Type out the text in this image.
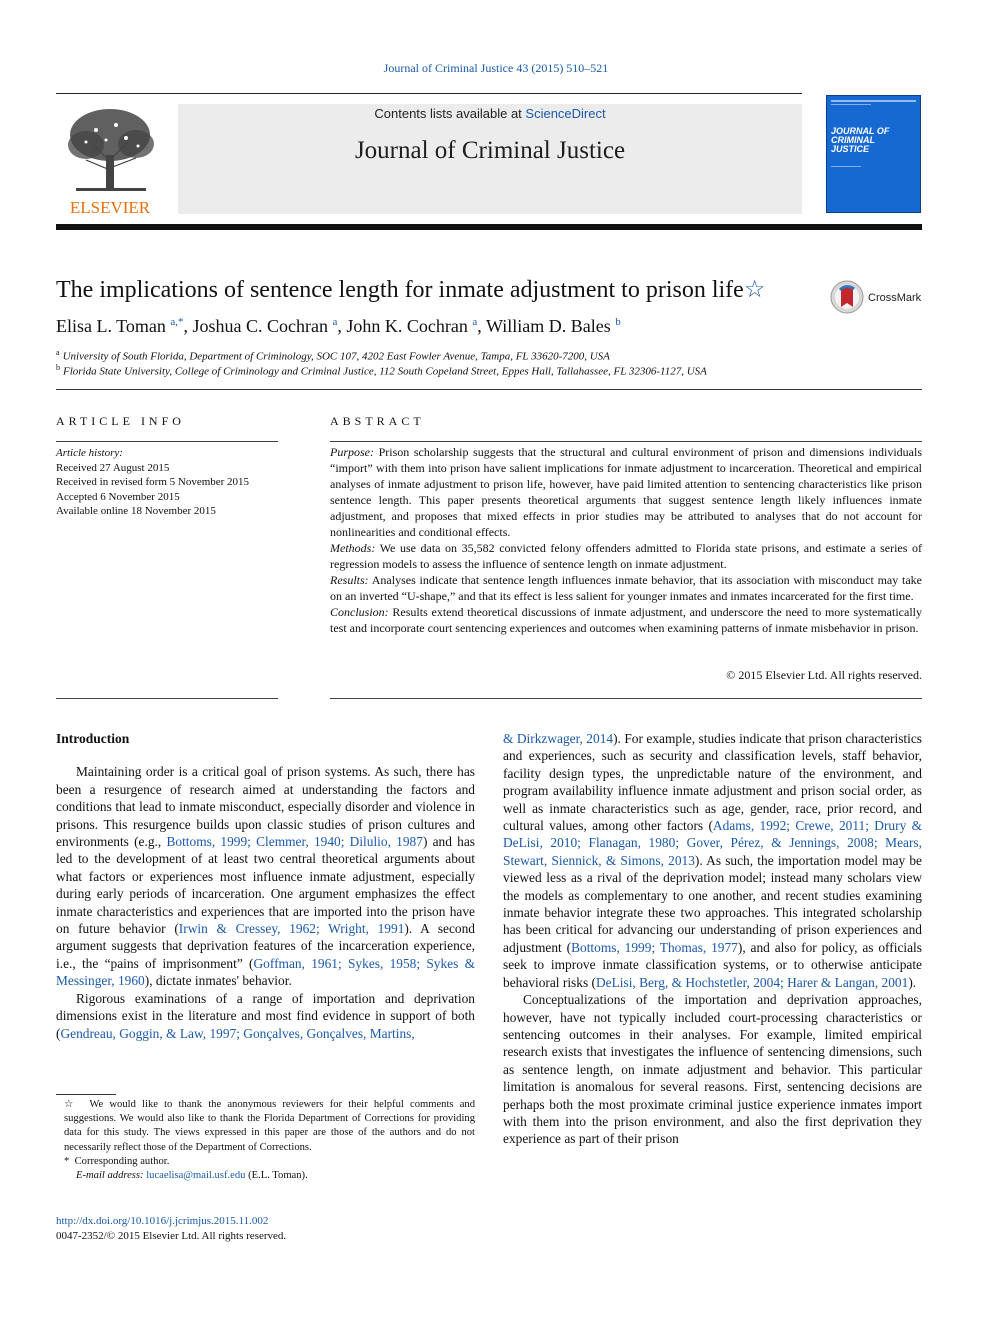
Journal of Criminal Justice 43 (2015) 510–521
ELSEVIER
Contents lists available at ScienceDirect
Journal of Criminal Justice
JOURNAL OF CRIMINAL JUSTICE
The implications of sentence length for inmate adjustment to prison life☆	CrossMark
Elisa L. Toman $^{a,*}$, Joshua C. Cochran $^a$, John K. Cochran $^a$, William D. Bales $^b$
$^a$ University of South Florida, Department of Criminology, SOC 107, 4202 East Fowler Avenue, Tampa, FL 33620-7200, USA
$^b$ Florida State University, College of Criminology and Criminal Justice, 112 South Copeland Street, Eppes Hall, Tallahassee, FL 32306-1127, USA
ARTICLE INFO
Article history:
Received 27 August 2015
Received in revised form 5 November 2015
Accepted 6 November 2015
Available online 18 November 2015
ABSTRACT

Purpose: Prison scholarship suggests that the structural and cultural environment of prison and dimensions individuals “import” with them into prison have salient implications for inmate adjustment to incarceration. Theoretical and empirical analyses of inmate adjustment to prison life, however, have paid limited attention to sentencing characteristics like prison sentence length. This paper presents theoretical arguments that suggest sentence length likely influences inmate adjustment, and proposes that mixed effects in prior studies may be attributed to analyses that do not account for nonlinearities and conditional effects.

Methods: We use data on 35,582 convicted felony offenders admitted to Florida state prisons, and estimate a series of regression models to assess the influence of sentence length on inmate adjustment.

Results: Analyses indicate that sentence length influences inmate behavior, that its association with misconduct may take on an inverted “U-shape,” and that its effect is less salient for younger inmates and inmates incarcerated for the first time.

Conclusion: Results extend theoretical discussions of inmate adjustment, and underscore the need to more systematically test and incorporate court sentencing experiences and outcomes when examining patterns of inmate misbehavior in prison.

© 2015 Elsevier Ltd. All rights reserved.

Introduction

Maintaining order is a critical goal of prison systems. As such, there has been a resurgence of research aimed at understanding the factors and conditions that lead to inmate misconduct, especially disorder and violence in prisons. This resurgence builds upon classic studies of prison cultures and environments (e.g., Bottoms, 1999; Clemmer, 1940; Dilulio, 1987) and has led to the development of at least two central theoretical arguments about what factors or experiences most influence inmate adjustment, especially during early periods of incarceration. One argument emphasizes the effect inmate characteristics and experiences that are imported into the prison have on future behavior (Irwin & Cressey, 1962; Wright, 1991). A second argument suggests that deprivation features of the incarceration experience, i.e., the “pains of imprisonment” (Goffman, 1961; Sykes, 1958; Sykes & Messinger, 1960), dictate inmates' behavior.

Rigorous examinations of a range of importation and deprivation dimensions exist in the literature and most find evidence in support of both (Gendreau, Goggin, & Law, 1997; Gonçalves, Gonçalves, Martins,

& Dirkzwager, 2014). For example, studies indicate that prison characteristics and experiences, such as security and classification levels, staff behavior, facility design types, the unpredictable nature of the environment, and program availability influence inmate adjustment and prison social order, as well as inmate characteristics such as age, gender, race, prior record, and cultural values, among other factors (Adams, 1992; Crewe, 2011; Drury & DeLisi, 2010; Flanagan, 1980; Gover, Pérez, & Jennings, 2008; Mears, Stewart, Siennick, & Simons, 2013). As such, the importation model may be viewed less as a rival of the deprivation model; instead many scholars view the models as complementary to one another, and recent studies examining inmate behavior integrate these two approaches. This integrated scholarship has been critical for advancing our understanding of prison experiences and adjustment (Bottoms, 1999; Thomas, 1977), and also for policy, as officials seek to improve inmate classification systems, or to otherwise anticipate behavioral risks (DeLisi, Berg, & Hochstetler, 2004; Harer & Langan, 2001).

Conceptualizations of the importation and deprivation approaches, however, have not typically included court-processing characteristics or sentencing outcomes in their analyses. For example, limited empirical research exists that investigates the influence of sentencing dimensions, such as sentence length, on inmate adjustment and behavior. This particular limitation is anomalous for several reasons. First, sentencing decisions are perhaps both the most proximate criminal justice experience inmates import with them into the prison environment, and also the first deprivation they experience as part of their prison

☆ We would like to thank the anonymous reviewers for their helpful comments and suggestions. We would also like to thank the Florida Department of Corrections for providing data for this study. The views expressed in this paper are those of the authors and do not necessarily reflect those of the Department of Corrections.

* Corresponding author.

E-mail address: lucaelisa@mail.usf.edu (E.L. Toman).

http://dx.doi.org/10.1016/j.jcrimjus.2015.11.002
0047-2352/© 2015 Elsevier Ltd. All rights reserved.
